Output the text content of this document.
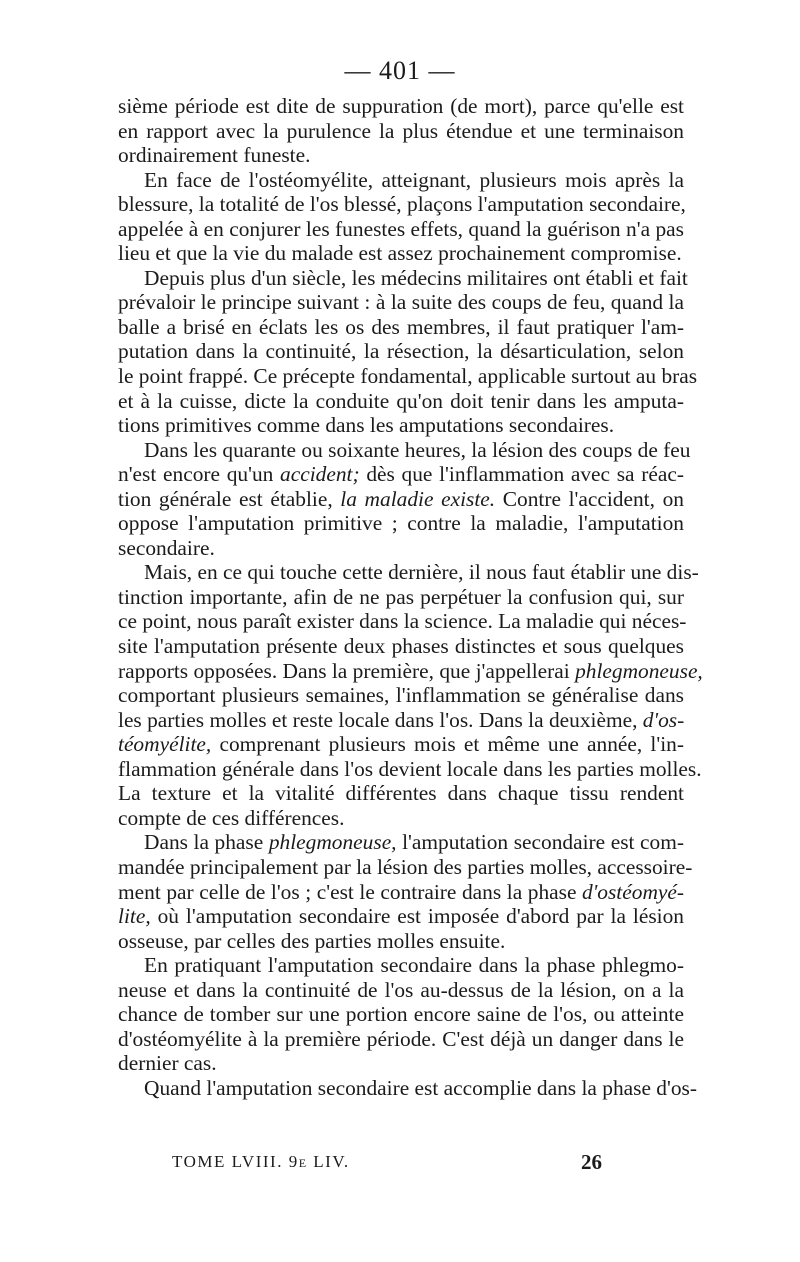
— 401 —
sième période est dite de suppuration (de mort), parce qu'elle est
en rapport avec la purulence la plus étendue et une terminaison
ordinairement funeste.
En face de l'ostéomyélite, atteignant, plusieurs mois après la
blessure, la totalité de l'os blessé, plaçons l'amputation secondaire,
appelée à en conjurer les funestes effets, quand la guérison n'a pas
lieu et que la vie du malade est assez prochainement compromise.
Depuis plus d'un siècle, les médecins militaires ont établi et fait
prévaloir le principe suivant : à la suite des coups de feu, quand la
balle a brisé en éclats les os des membres, il faut pratiquer l'am-
putation dans la continuité, la résection, la désarticulation, selon
le point frappé. Ce précepte fondamental, applicable surtout au bras
et à la cuisse, dicte la conduite qu'on doit tenir dans les amputa-
tions primitives comme dans les amputations secondaires.
Dans les quarante ou soixante heures, la lésion des coups de feu
n'est encore qu'un accident; dès que l'inflammation avec sa réac-
tion générale est établie, la maladie existe. Contre l'accident, on
oppose l'amputation primitive ; contre la maladie, l'amputation
secondaire.
Mais, en ce qui touche cette dernière, il nous faut établir une dis-
tinction importante, afin de ne pas perpétuer la confusion qui, sur
ce point, nous paraît exister dans la science. La maladie qui néces-
site l'amputation présente deux phases distinctes et sous quelques
rapports opposées. Dans la première, que j'appellerai phlegmoneuse,
comportant plusieurs semaines, l'inflammation se généralise dans
les parties molles et reste locale dans l'os. Dans la deuxième, d'os-
téomyélite, comprenant plusieurs mois et même une année, l'in-
flammation générale dans l'os devient locale dans les parties molles.
La texture et la vitalité différentes dans chaque tissu rendent
compte de ces différences.
Dans la phase phlegmoneuse, l'amputation secondaire est com-
mandée principalement par la lésion des parties molles, accessoire-
ment par celle de l'os ; c'est le contraire dans la phase d'ostéomyé-
lite, où l'amputation secondaire est imposée d'abord par la lésion
osseuse, par celles des parties molles ensuite.
En pratiquant l'amputation secondaire dans la phase phlegmo-
neuse et dans la continuité de l'os au-dessus de la lésion, on a la
chance de tomber sur une portion encore saine de l'os, ou atteinte
d'ostéomyélite à la première période. C'est déjà un danger dans le
dernier cas.
Quand l'amputation secondaire est accomplie dans la phase d'os-
TOME LVIII. 9e LIV.	26
